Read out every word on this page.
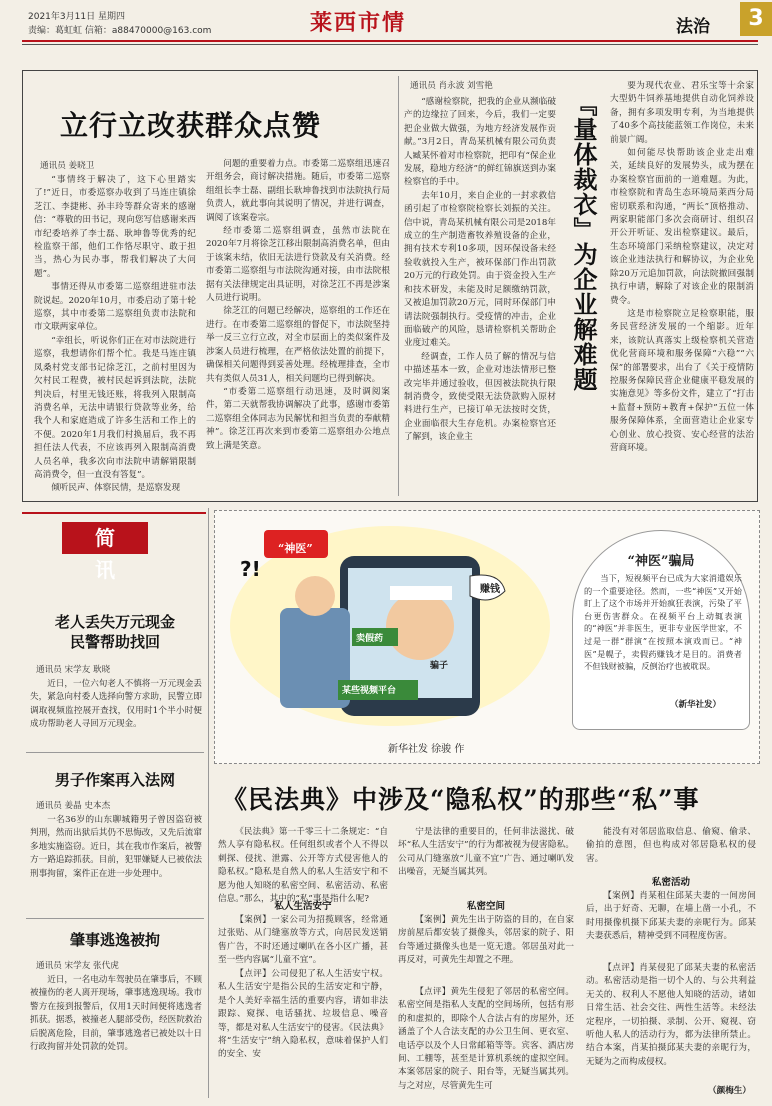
2021年3月11日 星期四
责编：葛虹虹 信箱：a88470000@163.com	莱西市情	法治	3
立行立改获群众点赞
通讯员 姜晓卫

“事情终于解决了，这下心里踏实了!”近日，市委巡察办收到了马连庄镇徐芝江、李捷彬、孙丰玲等群众寄来的感谢信：“尊敬的田书记，现向您写信感谢来西市纪委培养了李士磊、耿坤鲁等优秀的纪检监察干部，他们工作恪尽职守、敢于担当，热心为民办事，帮我们解决了大问题”。

事情还得从市委第二巡察组进驻市法院说起。2020年10月，市委启动了第十轮巡察，其中市委第二巡察组负责市法院和市文联两家单位。

“幸组长，听说你们正在对市法院进行巡察，我想请你们帮个忙。我是马连庄镇凤桑村党支部书记徐芝江，之前村里因为欠村民工程费，被村民起诉到法院，法院判决后，村里无钱还账，将我列入限制高消费名单，无法申请银行贷款等业务，给我个人和家庭造成了许多生活和工作上的不便。2020年1月我们村换届后，我不再担任法人代表，不应该再列入限制高消费人员名单，我多次向市法院申请解销限制高消费令，但一直没有答复”。

倾听民声、体察民情，是巡察发现

问题的重要着力点。市委第二巡察组迅速召开组务会，商讨解决措施。随后，市委第二巡察组组长李士磊、副组长耿坤鲁找到市法院执行局负责人，就此事向其说明了情况，并进行调查，调阅了该案卷宗。

经市委第二巡察组调查，虽然市法院在2020年7月将徐芝江移出限制高消费名单，但由于该案未结，依旧无法进行贷款及有关消费。经市委第二巡察组与市法院沟通对接，由市法院根据有关法律规定出具证明，对徐芝江不再是涉案人员进行说明。

徐芝江的问题已经解决，巡察组的工作还在进行。在市委第二巡察组的督促下，市法院坚持举一反三立行立改，对全市层面上的类似案件及涉案人员进行梳理，在严格依法处置的前提下，确保相关问题得到妥善处理。经梳理排查，全市共有类似人员31人，相关问题均已得到解决。

“市委第二巡察组行动迅速，及时调阅案件，第二天就帮我协调解决了此事，感谢市委第二巡察组全体同志为民解忧和担当负责的奉献精神”。徐芝江再次来到市委第二巡察组办公地点致上满是笑意。

通讯员 肖永波 刘雪艳

“感谢检察院，把我的企业从濒临破产的边缘拉了回来，今后，我们一定要把企业做大做强，为地方经济发展作贡献。”3月2日，青岛某机械有限公司负责人臧某怀着对市检察院，把印有“保企业发展，稳地方经济”的鲜红锦旗送到办案检察官的手中。

去年10月，来自企业的一封求救信函引起了市检察院检察长刘振的关注。信中说，青岛某机械有限公司是2018年成立的生产制造畜牧养殖设备的企业，拥有技术专利10多项，因环保设备未经验收就投入生产，被环保部门作出罚款20万元的行政处罚。由于资金投入生产和技术研发，未能及时足额缴纳罚款，又被追加罚款20万元，同时环保部门申请法院强制执行。受疫情的冲击，企业面临破产的风险，恳请检察机关帮助企业度过难关。

经调查，工作人员了解的情况与信中描述基本一致，企业对违法情形已整改完毕并通过验收，但因被法院执行限制消费令，致使受限无法贷款购入原材料进行生产，已接订单无法按时交货，企业面临很大生存危机。办案检察官还了解到，该企业主

『量体裁衣』为企业解难题

要为现代农业、君乐宝等十余家大型奶牛饲养基地提供自动化饲养设备，拥有多项发明专利，为当地提供了40多个高技能蓝领工作岗位，未来前景广阔。

如何能尽快帮助该企业走出难关，延续良好的发展势头，成为摆在办案检察官面前的一道难题。为此，市检察院和青岛生态环境局莱西分局密切联系和沟通，“两长”顶格推动、两家职能部门多次会商研讨、组织召开公开听证、发出检察建议。最后，生态环境部门采纳检察建议，决定对该企业违法执行和解协议，为企业免除20万元追加罚款，向法院撤回强制执行申请，解除了对该企业的限制消费令。

这是市检察院立足检察职能，服务民营经济发展的一个缩影。近年来，该院认真落实上级检察机关营造优化营商环境和服务保障“六稳”“六保”的部署要求，出台了《关于疫情防控服务保障民营企业健康平稳发展的实施意见》等多份文件，建立了“打击+监督+预防+教育+保护”五位一体服务保障体系，全面营造让企业家专心创业、放心投资、安心经营的法治营商环境。

简 讯
老人丢失万元现金
民警帮助找回
通讯员 宋学友 耿晓

近日，一位六旬老人不慎将一万元现金丢失，紧急向村委人选择向警方求助，民警立即调取视频监控展开查找，仅用时1个半小时便成功帮助老人寻回万元现金。

男子作案再入法网
通讯员 姜晶 史本杰

一名36岁的山东聊城籍男子曾因盗窃被判刑，然而出狱后其仍不思悔改，又先后流窜多地实施盗窃。近日，其在我市作案后，被警方一路追踪抓获。目前，犯罪嫌疑人已被依法刑事拘留，案件正在进一步处理中。

肇事逃逸被拘
通讯员 宋学友 张代虎

近日，一名电动车驾驶员在肇事后，不顾被撞伤的老人离开现场，肇事逃逸现场。我市警方在接到报警后，仅用1天时间便将逃逸者抓获。据悉，被撞老人腿部受伤，经医院救治后脱离危险，目前，肇事逃逸者已被处以十日行政拘留并处罚款的处罚。

?!
“神医”
赚钱
卖假药
骗子
某些视频平台
新华社发 徐骏 作
“神医”骗局

当下，短视频平台已成为大家消遣娱乐的一个重要途径。然而，一些“神医”又开始盯上了这个市场并开始疯狂表演，污染了平台更伤害群众。在视频平台上动辄表演的“神医”并非医生，更非专业医学世家，不过是一群“群演”在按照本演戏而已。“神医”是幌子，卖假药赚钱才是目的。消费者不但钱财被骗，反倒治疗也被耽误。

（新华社发）
《民法典》中涉及“隐私权”的那些“私”事

《民法典》第一千零三十二条规定：“自然人享有隐私权。任何组织或者个人不得以刺探、侵扰、泄露、公开等方式侵害他人的隐私权。”隐私是自然人的私人生活安宁和不愿为他人知晓的私密空间、私密活动、私密信息。”那么，其中的“私”事是指什么呢?

私人生活安宁

【案例】一家公司为招揽顾客，经常通过张贴、从门缝塞放等方式，向居民发送销售广告，不时还通过喇叭在各小区广播，甚至一些内容属“儿童不宜”。

【点评】公司侵犯了私人生活安宁权。私人生活安宁是指公民的生活安定和宁静，是个人美好幸福生活的重要内容，请如非法跟踪、窥探、电话骚扰、垃圾信息、噪音等，都是对私人生活安宁的侵害。《民法典》将“生活安宁”纳入隐私权，意味着保护人们的安全、安

宁是法律的重要目的，任何非法滋扰、破坏“私人生活安宁”的行为都被视为侵害隐私。公司从门缝塞放“儿童不宜”广告、通过喇叭发出噪音，无疑当属其列。

私密空间

【案例】黄先生出于防盗的目的，在自家房前屋后都安装了摄像头，邻居家的院子、阳台等通过摄像头也是一览无遗。邻居虽对此一再反对，可黄先生却置之不理。

【点评】黄先生侵犯了邻居的私密空间。私密空间是指私人支配的空间场所，包括有形的和虚拟的，即除个人合法占有的房屋外，还涵盖了个人合法支配的办公卫生间、更衣室、电话亭以及个人日常邮箱等等。宾客、酒店房间、工棚等，甚至是计算机系统的虚拟空间。本案邻居家的院子、阳台等，无疑当属其列。与之对应，尽管黄先生可

能没有对邻居监取信息、偷窥、偷录、偷拍的意图，但也构成对邻居隐私权的侵害。

私密活动

【案例】肖某租住邱某夫妻的一间房间后，出于好奇、无聊，在墙上凿一小孔，不时用摄像机摄下邱某夫妻的亲昵行为。邱某夫妻获悉后，精神受到不同程度伤害。

【点评】肖某侵犯了邱某夫妻的私密活动。私密活动是指一切个人的、与公共利益无关的、权利人不愿他人知晓的活动，诸如日常生活、社会交往、两性生活等。未经法定程序，一切拍摄、录制、公开、窥视、窃听他人私人的活动行为，都为法律所禁止。结合本案，肖某拍摄邱某夫妻的亲昵行为，无疑为之而构成侵权。

（颜梅生）
